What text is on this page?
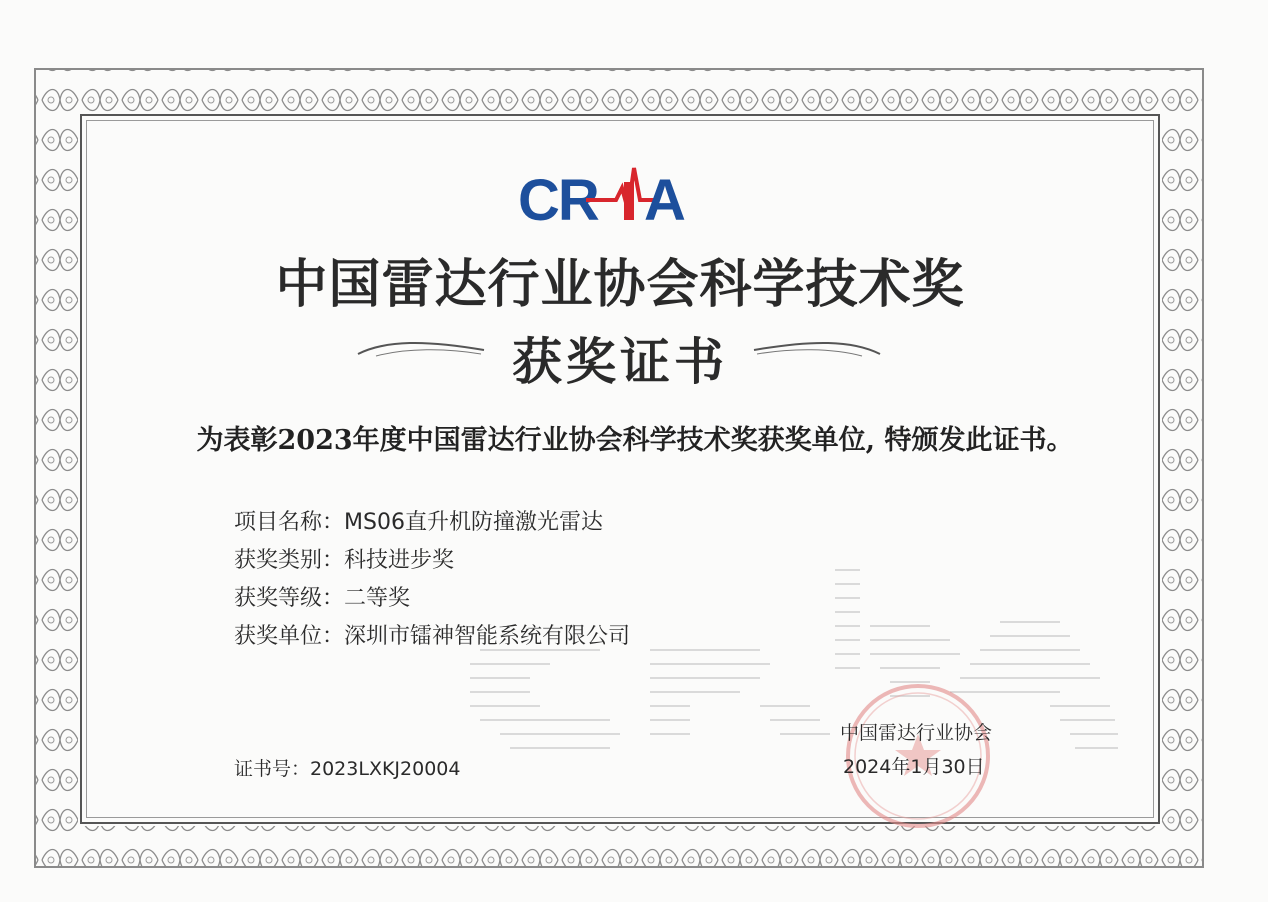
CR A
中国雷达行业协会科学技术奖
获奖证书
为表彰2023年度中国雷达行业协会科学技术奖获奖单位, 特颁发此证书。
项目名称：MS06直升机防撞激光雷达
获奖类别：科技进步奖
获奖等级：二等奖
获奖单位：深圳市镭神智能系统有限公司
证书号：2023LXKJ20004
中国雷达行业协会
2024年1月30日
